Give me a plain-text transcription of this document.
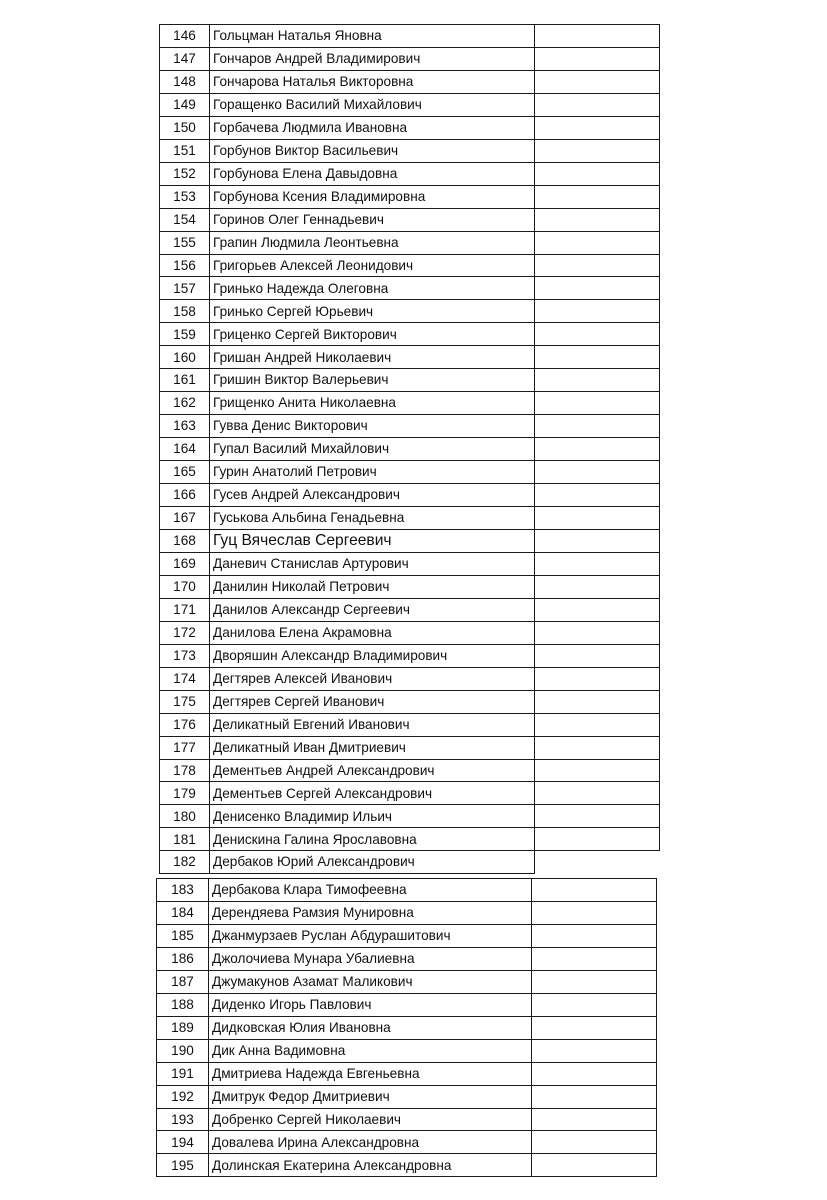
146	Гольцман Наталья Яновна	
147	Гончаров Андрей Владимирович	
148	Гончарова Наталья Викторовна	
149	Горащенко Василий Михайлович	
150	Горбачева Людмила Ивановна	
151	Горбунов Виктор Васильевич	
152	Горбунова Елена Давыдовна	
153	Горбунова Ксения Владимировна	
154	Горинов Олег Геннадьевич	
155	Грапин Людмила Леонтьевна	
156	Григорьев Алексей Леонидович	
157	Гринько Надежда Олеговна	
158	Гринько Сергей Юрьевич	
159	Гриценко Сергей Викторович	
160	Гришан Андрей Николаевич	
161	Гришин Виктор Валерьевич	
162	Грищенко Анита Николаевна	
163	Гувва Денис Викторович	
164	Гупал Василий Михайлович	
165	Гурин Анатолий Петрович	
166	Гусев Андрей Александрович	
167	Гуськова Альбина Генадьевна	
168	Гуц Вячеслав Сергеевич	
169	Даневич Станислав Артурович	
170	Данилин Николай Петрович	
171	Данилов Александр Сергеевич	
172	Данилова Елена Акрамовна	
173	Дворяшин Александр Владимирович	
174	Дегтярев Алексей Иванович	
175	Дегтярев Сергей Иванович	
176	Деликатный Евгений Иванович	
177	Деликатный Иван Дмитриевич	
178	Дементьев Андрей Александрович	
179	Дементьев Сергей Александрович	
180	Денисенко Владимир Ильич	
181	Денискина Галина Ярославовна	
182	Дербаков Юрий Александрович	
183	Дербакова Клара Тимофеевна	
184	Дерендяева Рамзия Мунировна	
185	Джанмурзаев Руслан Абдурашитович	
186	Джолочиева Мунара Убалиевна	
187	Джумакунов Азамат Маликович	
188	Диденко Игорь Павлович	
189	Дидковская Юлия Ивановна	
190	Дик Анна Вадимовна	
191	Дмитриева Надежда Евгеньевна	
192	Дмитрук Федор Дмитриевич	
193	Добренко Сергей Николаевич	
194	Довалева Ирина Александровна	
195	Долинская Екатерина Александровна	
